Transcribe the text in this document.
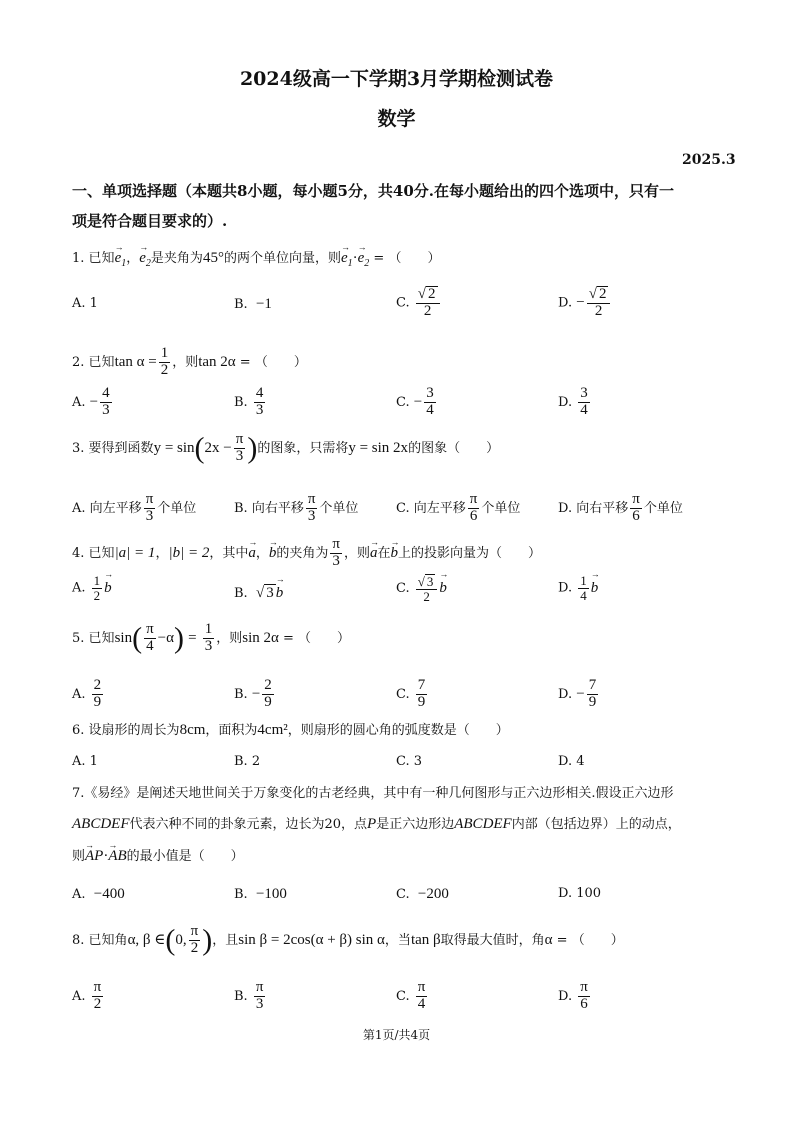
2024级高一下学期3月学期检测试卷
数学
2025.3
一、单项选择题（本题共8小题，每小题5分，共40分.在每小题给出的四个选项中，只有一
项是符合题目要求的）.
1. 已知→ $e_1$，→ $e_2$是夹角为45°的两个单位向量，则→ $e_1\cdot\to e_2$ = （　　）
A. 1	B. −1	C. $\frac{√ 2}{2}$	D. − $\frac{√ 2}{2}$
2. 已知$\tan \alpha = \frac{1}{2}$ ，则tan 2α = （　　）
A. − $\frac{4}{3}$	B. $\frac{4}{3}$	C. − $\frac{3}{4}$	D. $\frac{3}{4}$
3. 要得到函数$y = \sin(2x - \frac{\pi}{3}$ )的图象，只需将y = sin 2x的图象（　　）
A. 向左平移 $\frac{\pi}{3}$ 个单位	B. 向右平移 $\frac{\pi}{3}$ 个单位	C. 向左平移 $\frac{\pi}{6}$ 个单位	D. 向右平移 $\frac{\pi}{6}$ 个单位
4. 已知|a| = 1，|b| = 2，其中→ a，→ b的夹角为 $\frac{\pi}{3}$ ，则→ a在→ b上的投影向量为（　　）
A. $\frac{1}{2}$
→ b	B. √ 3→ b	C. $\frac{√ 3}{2}$
→ b	D. $\frac{1}{4}$
→ b
5. 已知$\sin( \frac{\pi}{4} -\alpha) = \frac{1}{3}$ ，则sin 2α = （　　）
A. $\frac{2}{9}$	B. − $\frac{2}{9}$	C. $\frac{7}{9}$	D. − $\frac{7}{9}$
6. 设扇形的周长为8cm，面积为4cm²，则扇形的圆心角的弧度数是（　　）
A. 1	B. 2	C. 3	D. 4
7.《易经》是阐述天地世间关于万象变化的古老经典，其中有一种几何图形与正六边形相关.假设正六边形
ABCDEF代表六种不同的卦象元素，边长为20，点P是正六边形边ABCDEF内部（包括边界）上的动点，
则→ AP·→ AB的最小值是（　　）
A. −400	B. −100	C. −200	D. 100
8. 已知角α, β ∈(0, $\frac{\pi}{2}$ )，且sin β = 2cos(α + β) sin α，当tan β取得最大值时，角α = （　　）
A. $\frac{\pi}{2}$	B. $\frac{\pi}{3}$	C. $\frac{\pi}{4}$	D. $\frac{\pi}{6}$
第1页/共4页
